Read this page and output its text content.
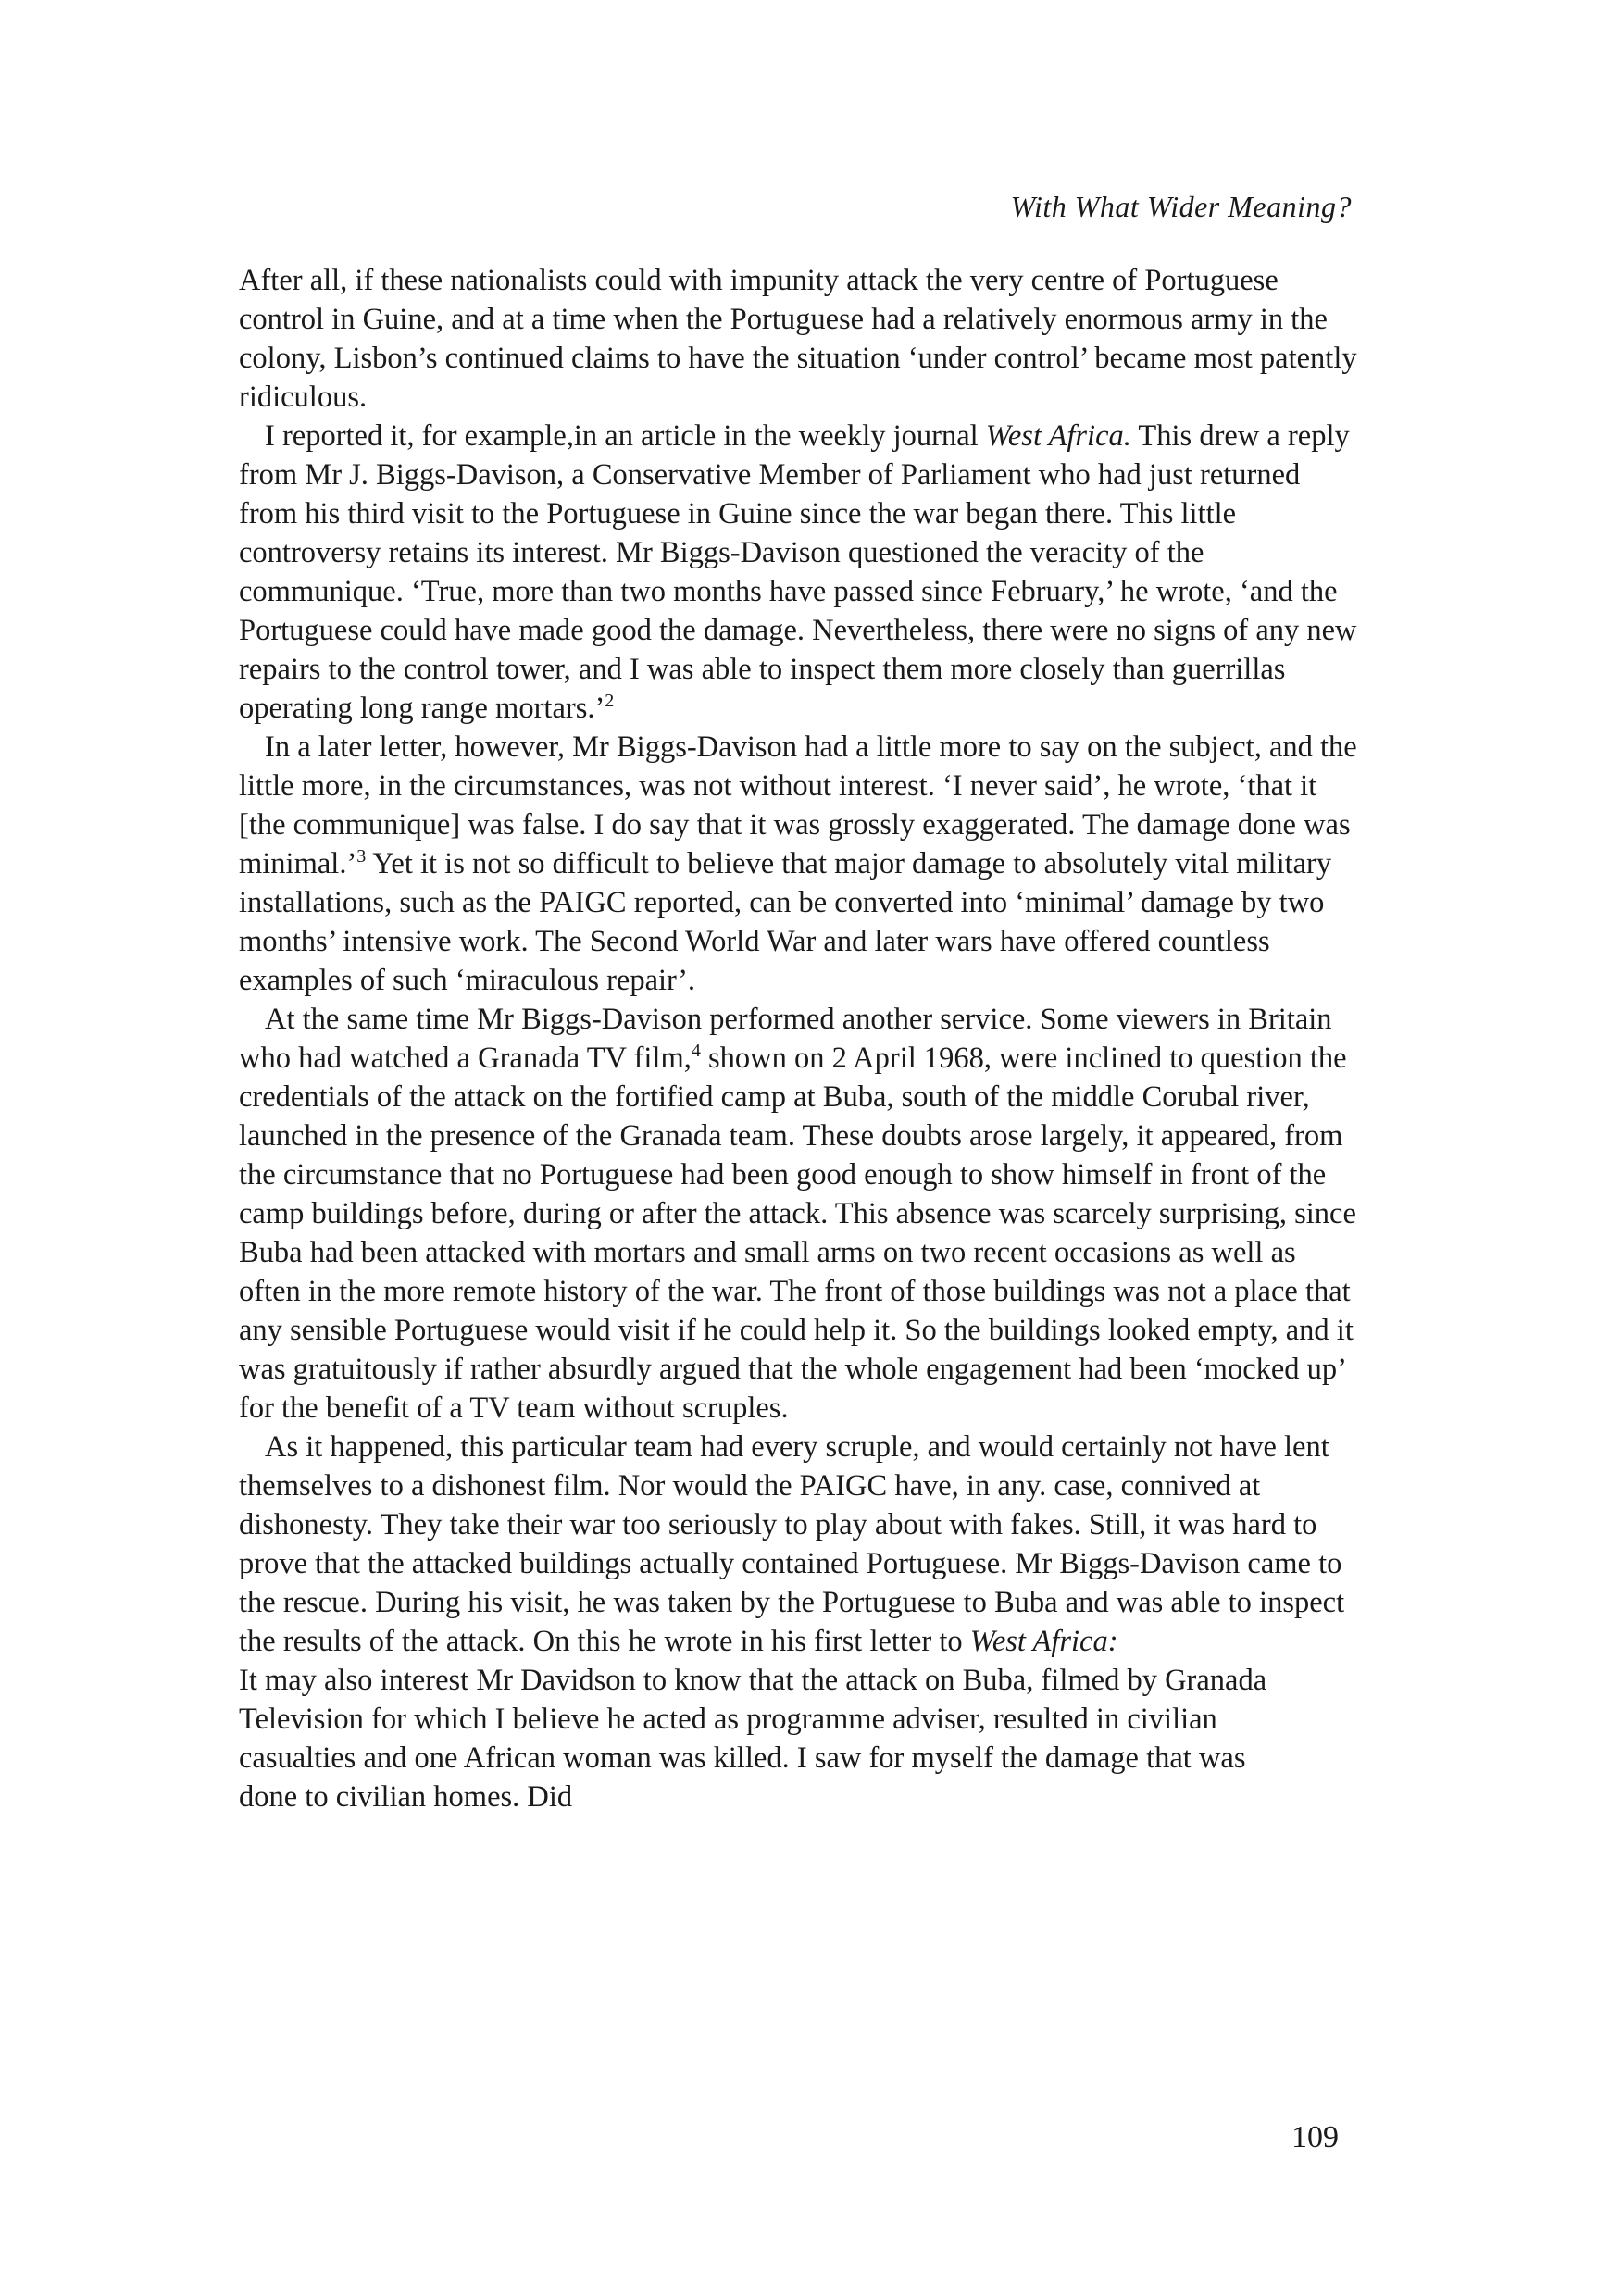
With What Wider Meaning?

After all, if these nationalists could with impunity attack the very centre of Portuguese control in Guine, and at a time when the Portuguese had a relatively enormous army in the colony, Lisbon’s continued claims to have the situation ‘under control’ became most patently ridiculous.

I reported it, for example,in an article in the weekly journal West Africa. This drew a reply from Mr J. Biggs-Davison, a Conservative Member of Parliament who had just returned from his third visit to the Portuguese in Guine since the war began there. This little controversy retains its interest. Mr Biggs-Davison questioned the veracity of the communique. ‘True, more than two months have passed since February,’ he wrote, ‘and the Portuguese could have made good the damage. Nevertheless, there were no signs of any new repairs to the control tower, and I was able to inspect them more closely than guerrillas operating long range mortars.’$^2$

In a later letter, however, Mr Biggs-Davison had a little more to say on the subject, and the little more, in the circumstances, was not without interest. ‘I never said’, he wrote, ‘that it [the communique] was false. I do say that it was grossly exaggerated. The damage done was minimal.’$^3$ Yet it is not so difficult to believe that major damage to absolutely vital military installations, such as the PAIGC reported, can be converted into ‘minimal’ damage by two months’ intensive work. The Second World War and later wars have offered countless examples of such ‘miraculous repair’.

At the same time Mr Biggs-Davison performed another service. Some viewers in Britain who had watched a Granada TV film,$^4$ shown on 2 April 1968, were inclined to question the credentials of the attack on the fortified camp at Buba, south of the middle Corubal river, launched in the presence of the Granada team. These doubts arose largely, it appeared, from the circumstance that no Portuguese had been good enough to show himself in front of the camp buildings before, during or after the attack. This absence was scarcely surprising, since Buba had been attacked with mortars and small arms on two recent occasions as well as often in the more remote history of the war. The front of those buildings was not a place that any sensible Portuguese would visit if he could help it. So the buildings looked empty, and it was gratuitously if rather absurdly argued that the whole engagement had been ‘mocked up’ for the benefit of a TV team without scruples.

As it happened, this particular team had every scruple, and would certainly not have lent themselves to a dishonest film. Nor would the PAIGC have, in any. case, connived at dishonesty. They take their war too seriously to play about with fakes. Still, it was hard to prove that the attacked buildings actually contained Portuguese. Mr Biggs-Davison came to the rescue. During his visit, he was taken by the Portuguese to Buba and was able to inspect the results of the attack. On this he wrote in his first letter to West Africa:

It may also interest Mr Davidson to know that the attack on Buba, filmed by Granada Television for which I believe he acted as programme adviser, resulted in civilian casualties and one African woman was killed. I saw for myself the damage that was done to civilian homes. Did

109
